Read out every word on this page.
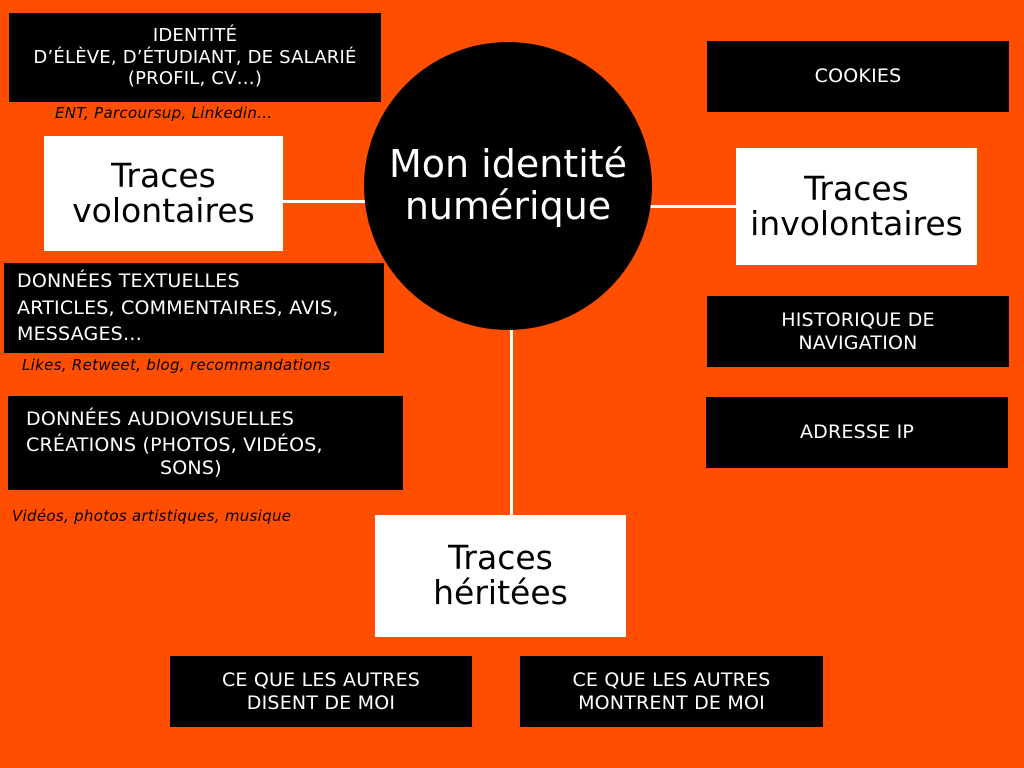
Mon identité
numérique
Traces
volontaires
Traces
involontaires
Traces
héritées
IDENTITÉ
D’ÉLÈVE, D’ÉTUDIANT, DE SALARIÉ
(PROFIL, CV…)
ENT, Parcoursup, Linkedin…
DONNÉES TEXTUELLES
ARTICLES, COMMENTAIRES, AVIS,
MESSAGES…
Likes, Retweet, blog, recommandations
DONNÉES AUDIOVISUELLES
CRÉATIONS (PHOTOS, VIDÉOS,
SONS)
Vidéos, photos artistiques, musique
COOKIES
HISTORIQUE DE
NAVIGATION
ADRESSE IP
CE QUE LES AUTRES
DISENT DE MOI
CE QUE LES AUTRES
MONTRENT DE MOI
